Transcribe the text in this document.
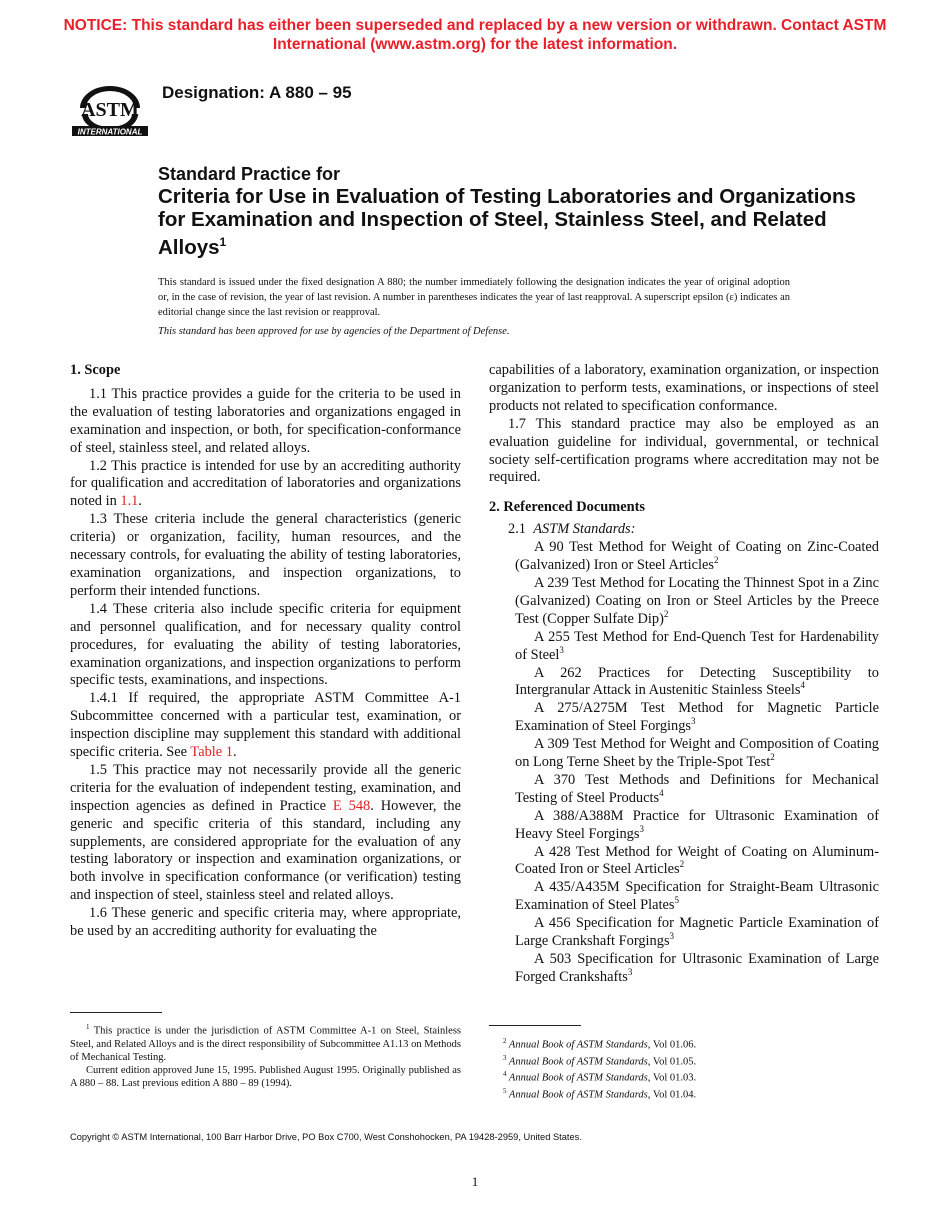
NOTICE: This standard has either been superseded and replaced by a new version or withdrawn. Contact ASTM
International (www.astm.org) for the latest information.
ASTM
INTERNATIONAL
Designation: A 880 – 95
Standard Practice for
Criteria for Use in Evaluation of Testing Laboratories and Organizations for Examination and Inspection of Steel, Stainless Steel, and Related Alloys$^1$
This standard is issued under the fixed designation A 880; the number immediately following the designation indicates the year of original adoption or, in the case of revision, the year of last revision. A number in parentheses indicates the year of last reapproval. A superscript epsilon (ε) indicates an editorial change since the last revision or reapproval.
This standard has been approved for use by agencies of the Department of Defense.
1. Scope

1.1 This practice provides a guide for the criteria to be used in the evaluation of testing laboratories and organizations engaged in examination and inspection, or both, for specification-conformance of steel, stainless steel, and related alloys.

1.2 This practice is intended for use by an accrediting authority for qualification and accreditation of laboratories and organizations noted in 1.1.

1.3 These criteria include the general characteristics (generic criteria) or organization, facility, human resources, and the necessary controls, for evaluating the ability of testing laboratories, examination organizations, and inspection organizations, to perform their intended functions.

1.4 These criteria also include specific criteria for equipment and personnel qualification, and for necessary quality control procedures, for evaluating the ability of testing laboratories, examination organizations, and inspection organizations to perform specific tests, examinations, and inspections.

1.4.1 If required, the appropriate ASTM Committee A-1 Subcommittee concerned with a particular test, examination, or inspection discipline may supplement this standard with additional specific criteria. See Table 1.

1.5 This practice may not necessarily provide all the generic criteria for the evaluation of independent testing, examination, and inspection agencies as defined in Practice E 548. However, the generic and specific criteria of this standard, including any supplements, are considered appropriate for the evaluation of any testing laboratory or inspection and examination organizations, or both involve in specification conformance (or verification) testing and inspection of steel, stainless steel and related alloys.

1.6 These generic and specific criteria may, where appropriate, be used by an accrediting authority for evaluating the

capabilities of a laboratory, examination organization, or inspection organization to perform tests, examinations, or inspections of steel products not related to specification conformance.

1.7 This standard practice may also be employed as an evaluation guideline for individual, governmental, or technical society self-certification programs where accreditation may not be required.

2. Referenced Documents

2.1 ASTM Standards:

A 90 Test Method for Weight of Coating on Zinc-Coated (Galvanized) Iron or Steel Articles$^2$

A 239 Test Method for Locating the Thinnest Spot in a Zinc (Galvanized) Coating on Iron or Steel Articles by the Preece Test (Copper Sulfate Dip)$^2$

A 255 Test Method for End-Quench Test for Hardenability of Steel$^3$

A 262 Practices for Detecting Susceptibility to Intergranular Attack in Austenitic Stainless Steels$^4$

A 275/A275M Test Method for Magnetic Particle Examination of Steel Forgings$^3$

A 309 Test Method for Weight and Composition of Coating on Long Terne Sheet by the Triple-Spot Test$^2$

A 370 Test Methods and Definitions for Mechanical Testing of Steel Products$^4$

A 388/A388M Practice for Ultrasonic Examination of Heavy Steel Forgings$^3$

A 428 Test Method for Weight of Coating on Aluminum-Coated Iron or Steel Articles$^2$

A 435/A435M Specification for Straight-Beam Ultrasonic Examination of Steel Plates$^5$

A 456 Specification for Magnetic Particle Examination of Large Crankshaft Forgings$^3$

A 503 Specification for Ultrasonic Examination of Large Forged Crankshafts$^3$

$^1$ This practice is under the jurisdiction of ASTM Committee A-1 on Steel, Stainless Steel, and Related Alloys and is the direct responsibility of Subcommittee A1.13 on Methods of Mechanical Testing.

Current edition approved June 15, 1995. Published August 1995. Originally published as A 880 – 88. Last previous edition A 880 – 89 (1994).

$^2$ Annual Book of ASTM Standards, Vol 01.06.

$^3$ Annual Book of ASTM Standards, Vol 01.05.

$^4$ Annual Book of ASTM Standards, Vol 01.03.

$^5$ Annual Book of ASTM Standards, Vol 01.04.

Copyright © ASTM International, 100 Barr Harbor Drive, PO Box C700, West Conshohocken, PA 19428-2959, United States.
1
